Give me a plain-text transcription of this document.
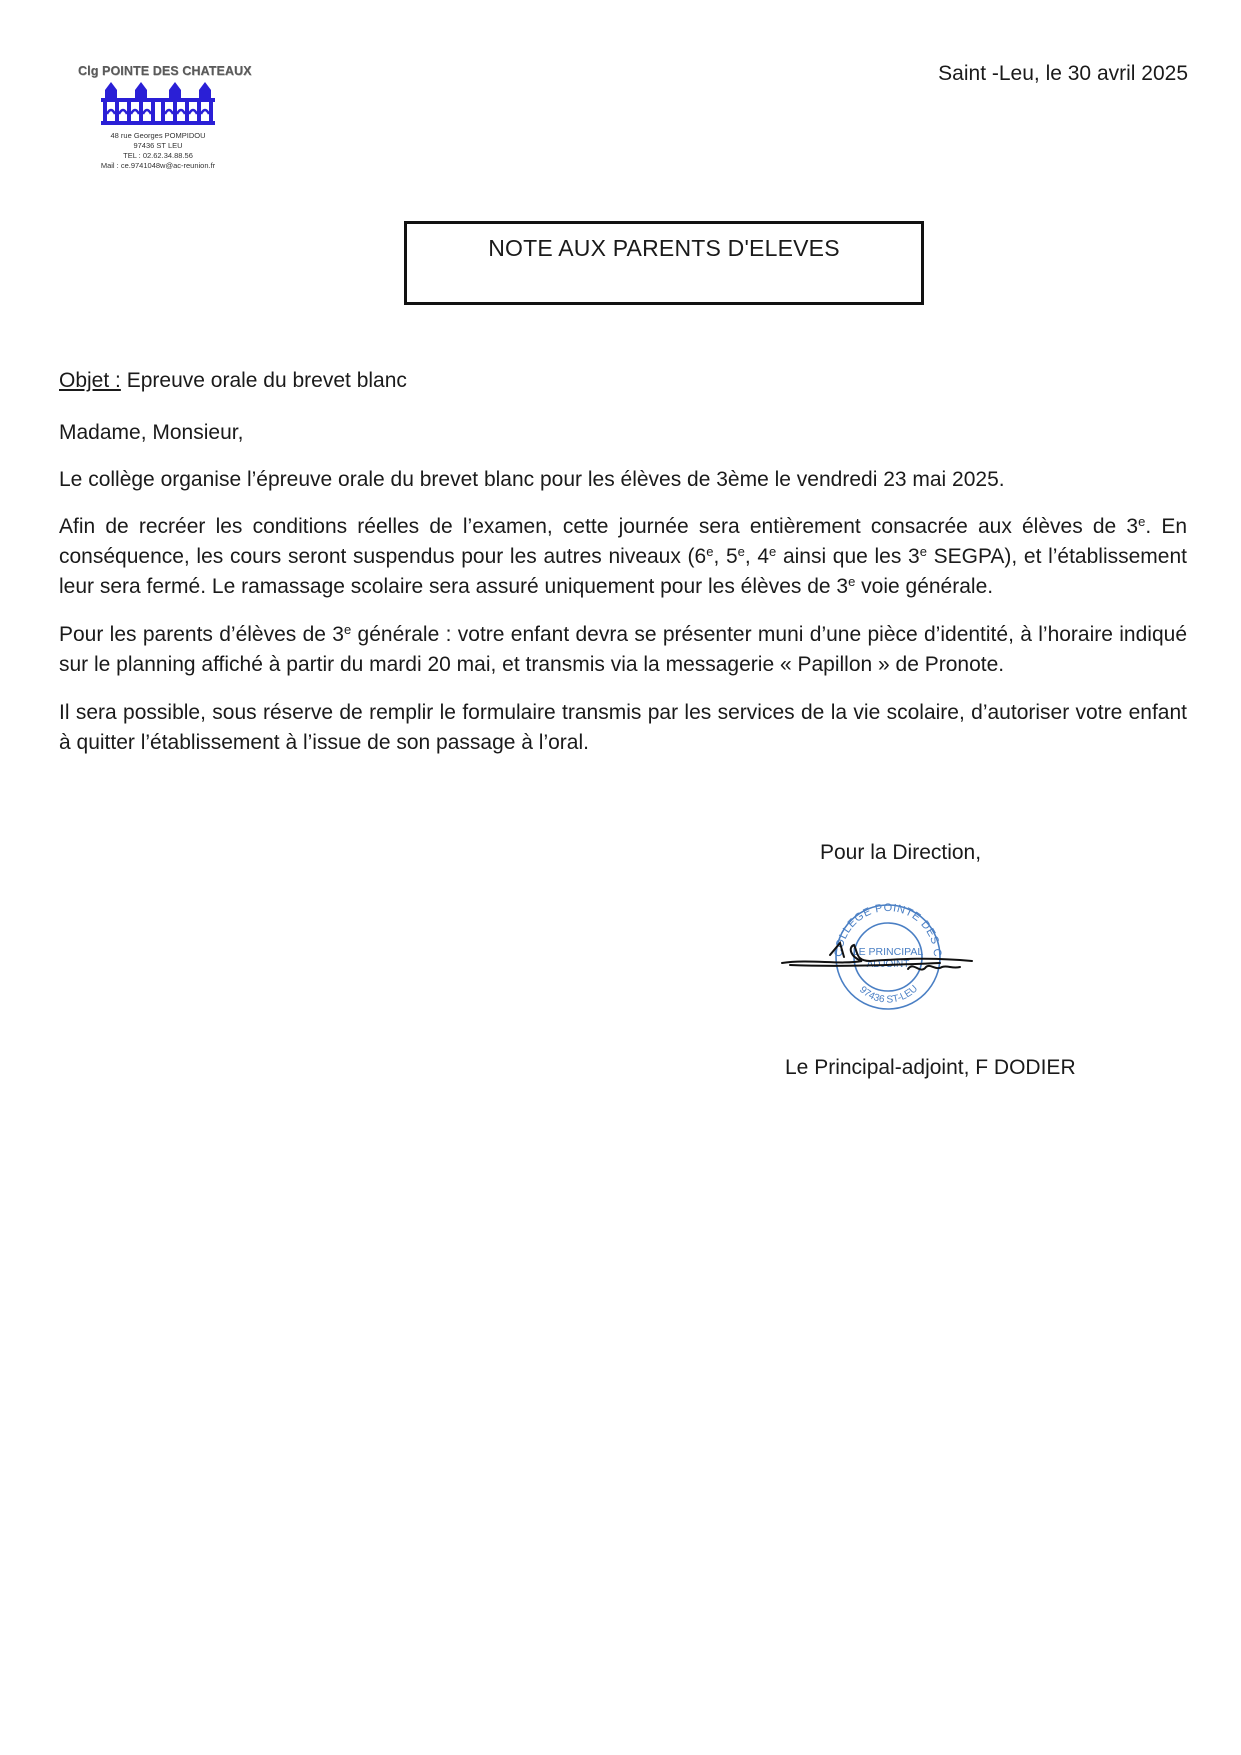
Clg POINTE DES CHATEAUX
48 rue Georges POMPIDOU
97436 ST LEU
TEL : 02.62.34.88.56
Mail : ce.9741048w@ac-reunion.fr
Saint -Leu, le 30 avril 2025
NOTE AUX PARENTS D'ELEVES

Objet : Epreuve orale du brevet blanc

Madame, Monsieur,

Le collège organise l’épreuve orale du brevet blanc pour les élèves de 3ème le vendredi 23 mai 2025.

Afin de recréer les conditions réelles de l’examen, cette journée sera entièrement consacrée aux élèves de 3e. En conséquence, les cours seront suspendus pour les autres niveaux (6e, 5e, 4e ainsi que les 3e SEGPA), et l’établissement leur sera fermé. Le ramassage scolaire sera assuré uniquement pour les élèves de 3e voie générale.

Pour les parents d’élèves de 3e générale : votre enfant devra se présenter muni d’une pièce d’identité, à l’horaire indiqué sur le planning affiché à partir du mardi 20 mai, et transmis via la messagerie « Papillon » de Pronote.

Il sera possible, sous réserve de remplir le formulaire transmis par les services de la vie scolaire, d’autoriser votre enfant à quitter l’établissement à l’issue de son passage à l’oral.

Pour la Direction,
COLLEGE POINTE DES C
97436 ST-LEU
LE PRINCIPAL
ADJOINT
Le Principal-adjoint, F DODIER
